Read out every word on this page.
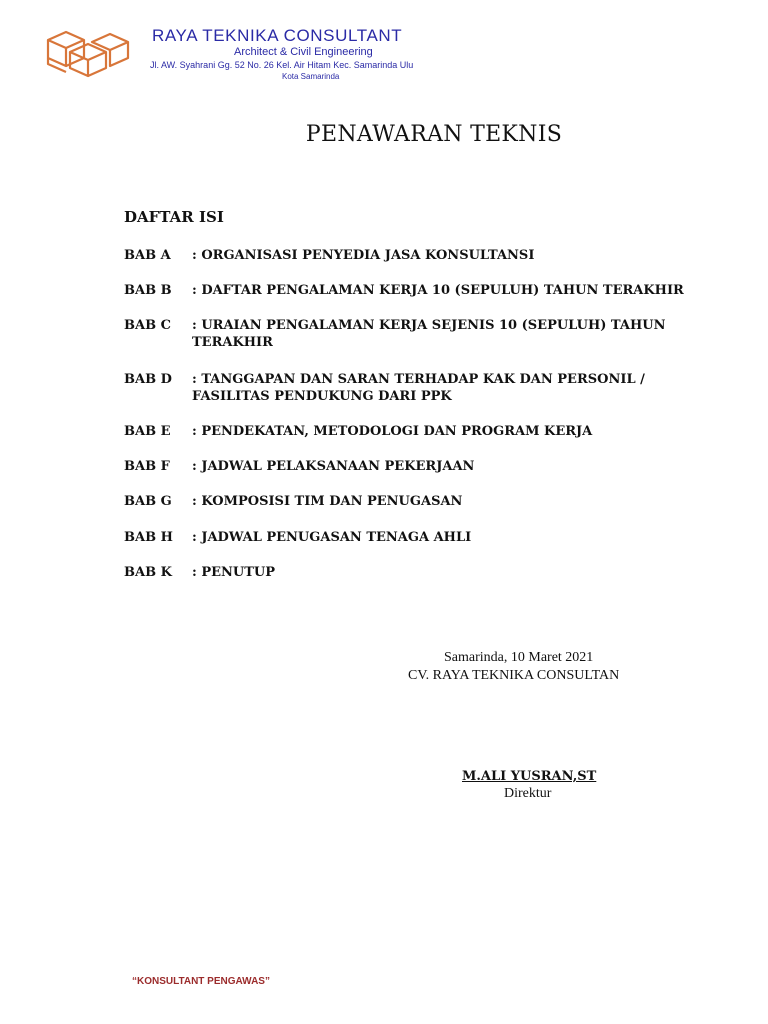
RAYA TEKNIKA CONSULTANT
Architect & Civil Engineering
Jl. AW. Syahrani Gg. 52 No. 26 Kel. Air Hitam Kec. Samarinda Ulu
Kota Samarinda
PENAWARAN TEKNIS
DAFTAR ISI
BAB A	: ORGANISASI PENYEDIA JASA KONSULTANSI
BAB B	: DAFTAR PENGALAMAN KERJA 10 (SEPULUH) TAHUN TERAKHIR
BAB C	: URAIAN PENGALAMAN KERJA SEJENIS 10 (SEPULUH) TAHUN TERAKHIR
BAB D	: TANGGAPAN DAN SARAN TERHADAP KAK DAN PERSONIL / FASILITAS PENDUKUNG DARI PPK
BAB E	: PENDEKATAN, METODOLOGI DAN PROGRAM KERJA
BAB F	: JADWAL PELAKSANAAN PEKERJAAN
BAB G	: KOMPOSISI TIM DAN PENUGASAN
BAB H	: JADWAL PENUGASAN TENAGA AHLI
BAB K	: PENUTUP
Samarinda, 10 Maret 2021
CV. RAYA TEKNIKA CONSULTAN
M.ALI YUSRAN,ST
Direktur
“KONSULTANT PENGAWAS”
